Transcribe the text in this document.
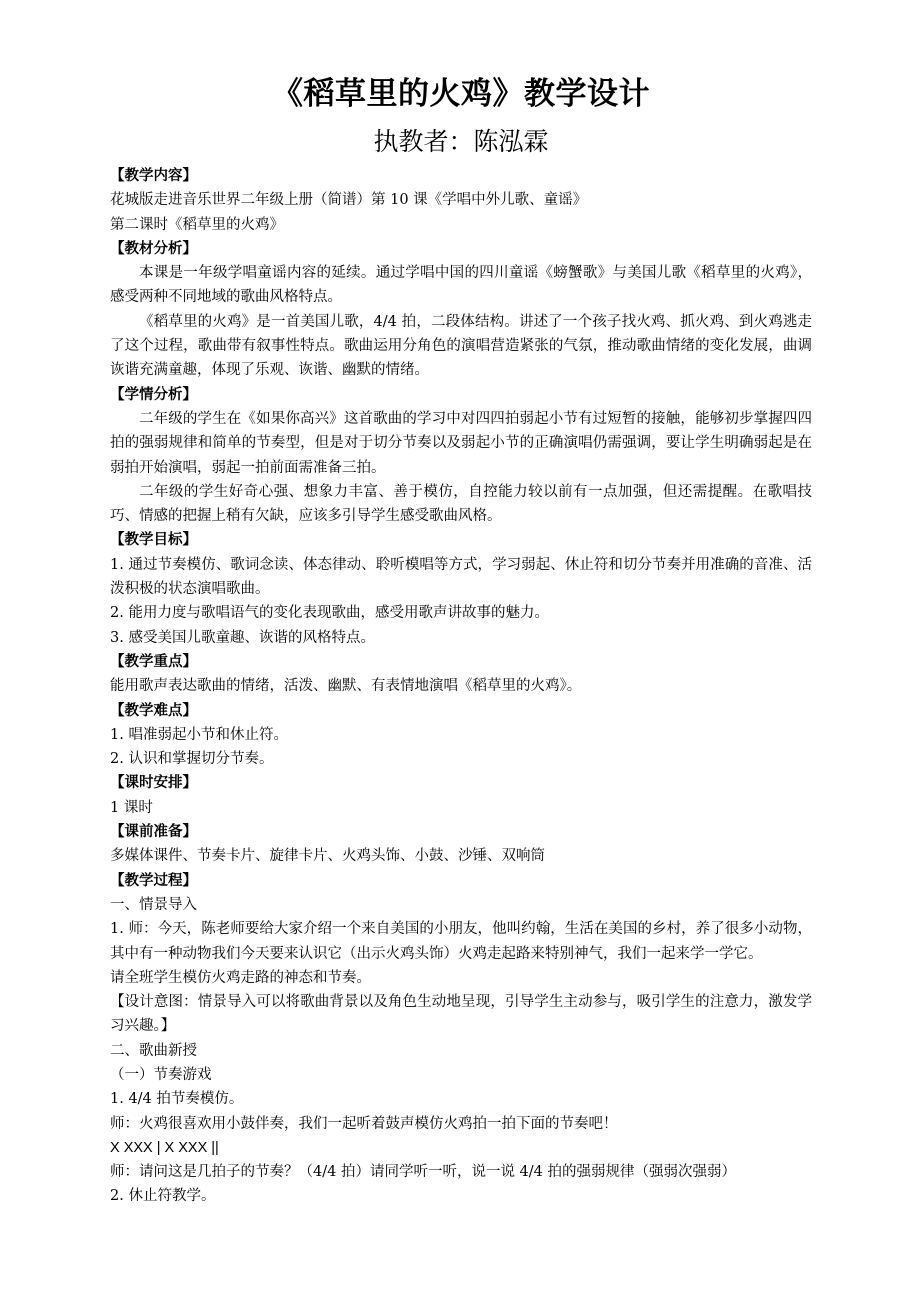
《稻草里的火鸡》教学设计
执教者：陈泓霖

【教学内容】

花城版走进音乐世界二年级上册（简谱）第 10 课《学唱中外儿歌、童谣》

第二课时《稻草里的火鸡》

【教材分析】

本课是一年级学唱童谣内容的延续。通过学唱中国的四川童谣《螃蟹歌》与美国儿歌《稻草里的火鸡》，感受两种不同地域的歌曲风格特点。

《稻草里的火鸡》是一首美国儿歌，4/4 拍，二段体结构。讲述了一个孩子找火鸡、抓火鸡、到火鸡逃走了这个过程，歌曲带有叙事性特点。歌曲运用分角色的演唱营造紧张的气氛，推动歌曲情绪的变化发展，曲调诙谐充满童趣，体现了乐观、诙谐、幽默的情绪。

【学情分析】

二年级的学生在《如果你高兴》这首歌曲的学习中对四四拍弱起小节有过短暂的接触，能够初步掌握四四拍的强弱规律和简单的节奏型，但是对于切分节奏以及弱起小节的正确演唱仍需强调，要让学生明确弱起是在弱拍开始演唱，弱起一拍前面需准备三拍。

二年级的学生好奇心强、想象力丰富、善于模仿，自控能力较以前有一点加强，但还需提醒。在歌唱技巧、情感的把握上稍有欠缺，应该多引导学生感受歌曲风格。

【教学目标】

1. 通过节奏模仿、歌词念读、体态律动、聆听模唱等方式，学习弱起、休止符和切分节奏并用准确的音准、活泼积极的状态演唱歌曲。

2. 能用力度与歌唱语气的变化表现歌曲，感受用歌声讲故事的魅力。

3. 感受美国儿歌童趣、诙谐的风格特点。

【教学重点】

能用歌声表达歌曲的情绪，活泼、幽默、有表情地演唱《稻草里的火鸡》。

【教学难点】

1. 唱准弱起小节和休止符。

2. 认识和掌握切分节奏。

【课时安排】

1 课时

【课前准备】

多媒体课件、节奏卡片、旋律卡片、火鸡头饰、小鼓、沙锤、双响筒

【教学过程】

一、情景导入

1. 师：今天，陈老师要给大家介绍一个来自美国的小朋友，他叫约翰，生活在美国的乡村，养了很多小动物，其中有一种动物我们今天要来认识它（出示火鸡头饰）火鸡走起路来特别神气，我们一起来学一学它。

请全班学生模仿火鸡走路的神态和节奏。

【设计意图：情景导入可以将歌曲背景以及角色生动地呈现，引导学生主动参与，吸引学生的注意力，激发学习兴趣。】

二、歌曲新授

（一）节奏游戏

1. 4/4 拍节奏模仿。

师：火鸡很喜欢用小鼓伴奏，我们一起听着鼓声模仿火鸡拍一拍下面的节奏吧！

X XXX | X XXX ||

师：请问这是几拍子的节奏？（4/4 拍）请同学听一听，说一说 4/4 拍的强弱规律（强弱次强弱）

2. 休止符教学。
